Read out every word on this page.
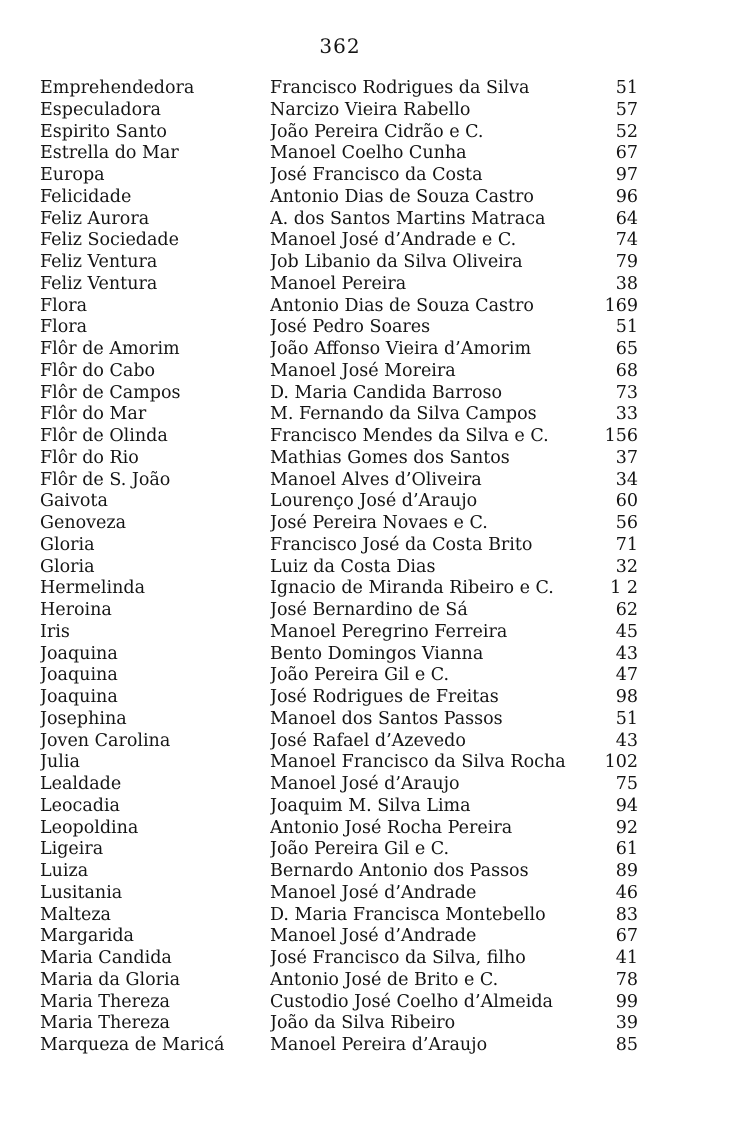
362
Emprehendedora	Francisco Rodrigues da Silva	51
Especuladora	Narcizo Vieira Rabello	57
Espirito Santo	João Pereira Cidrão e C.	52
Estrella do Mar	Manoel Coelho Cunha	67
Europa	José Francisco da Costa	97
Felicidade	Antonio Dias de Souza Castro	96
Feliz Aurora	A. dos Santos Martins Matraca	64
Feliz Sociedade	Manoel José d’Andrade e C.	74
Feliz Ventura	Job Libanio da Silva Oliveira	79
Feliz Ventura	Manoel Pereira	38
Flora	Antonio Dias de Souza Castro	169
Flora	José Pedro Soares	51
Flôr de Amorim	João Affonso Vieira d’Amorim	65
Flôr do Cabo	Manoel José Moreira	68
Flôr de Campos	D. Maria Candida Barroso	73
Flôr do Mar	M. Fernando da Silva Campos	33
Flôr de Olinda	Francisco Mendes da Silva e C.	156
Flôr do Rio	Mathias Gomes dos Santos	37
Flôr de S. João	Manoel Alves d’Oliveira	34
Gaivota	Lourenço José d’Araujo	60
Genoveza	José Pereira Novaes e C.	56
Gloria	Francisco José da Costa Brito	71
Gloria	Luiz da Costa Dias	32
Hermelinda	Ignacio de Miranda Ribeiro e C.	1 2
Heroina	José Bernardino de Sá	62
Iris	Manoel Peregrino Ferreira	45
Joaquina	Bento Domingos Vianna	43
Joaquina	João Pereira Gil e C.	47
Joaquina	José Rodrigues de Freitas	98
Josephina	Manoel dos Santos Passos	51
Joven Carolina	José Rafael d’Azevedo	43
Julia	Manoel Francisco da Silva Rocha	102
Lealdade	Manoel José d’Araujo	75
Leocadia	Joaquim M. Silva Lima	94
Leopoldina	Antonio José Rocha Pereira	92
Ligeira	João Pereira Gil e C.	61
Luiza	Bernardo Antonio dos Passos	89
Lusitania	Manoel José d’Andrade	46
Malteza	D. Maria Francisca Montebello	83
Margarida	Manoel José d’Andrade	67
Maria Candida	José Francisco da Silva, filho	41
Maria da Gloria	Antonio José de Brito e C.	78
Maria Thereza	Custodio José Coelho d’Almeida	99
Maria Thereza	João da Silva Ribeiro	39
Marqueza de Maricá	Manoel Pereira d’Araujo	85
